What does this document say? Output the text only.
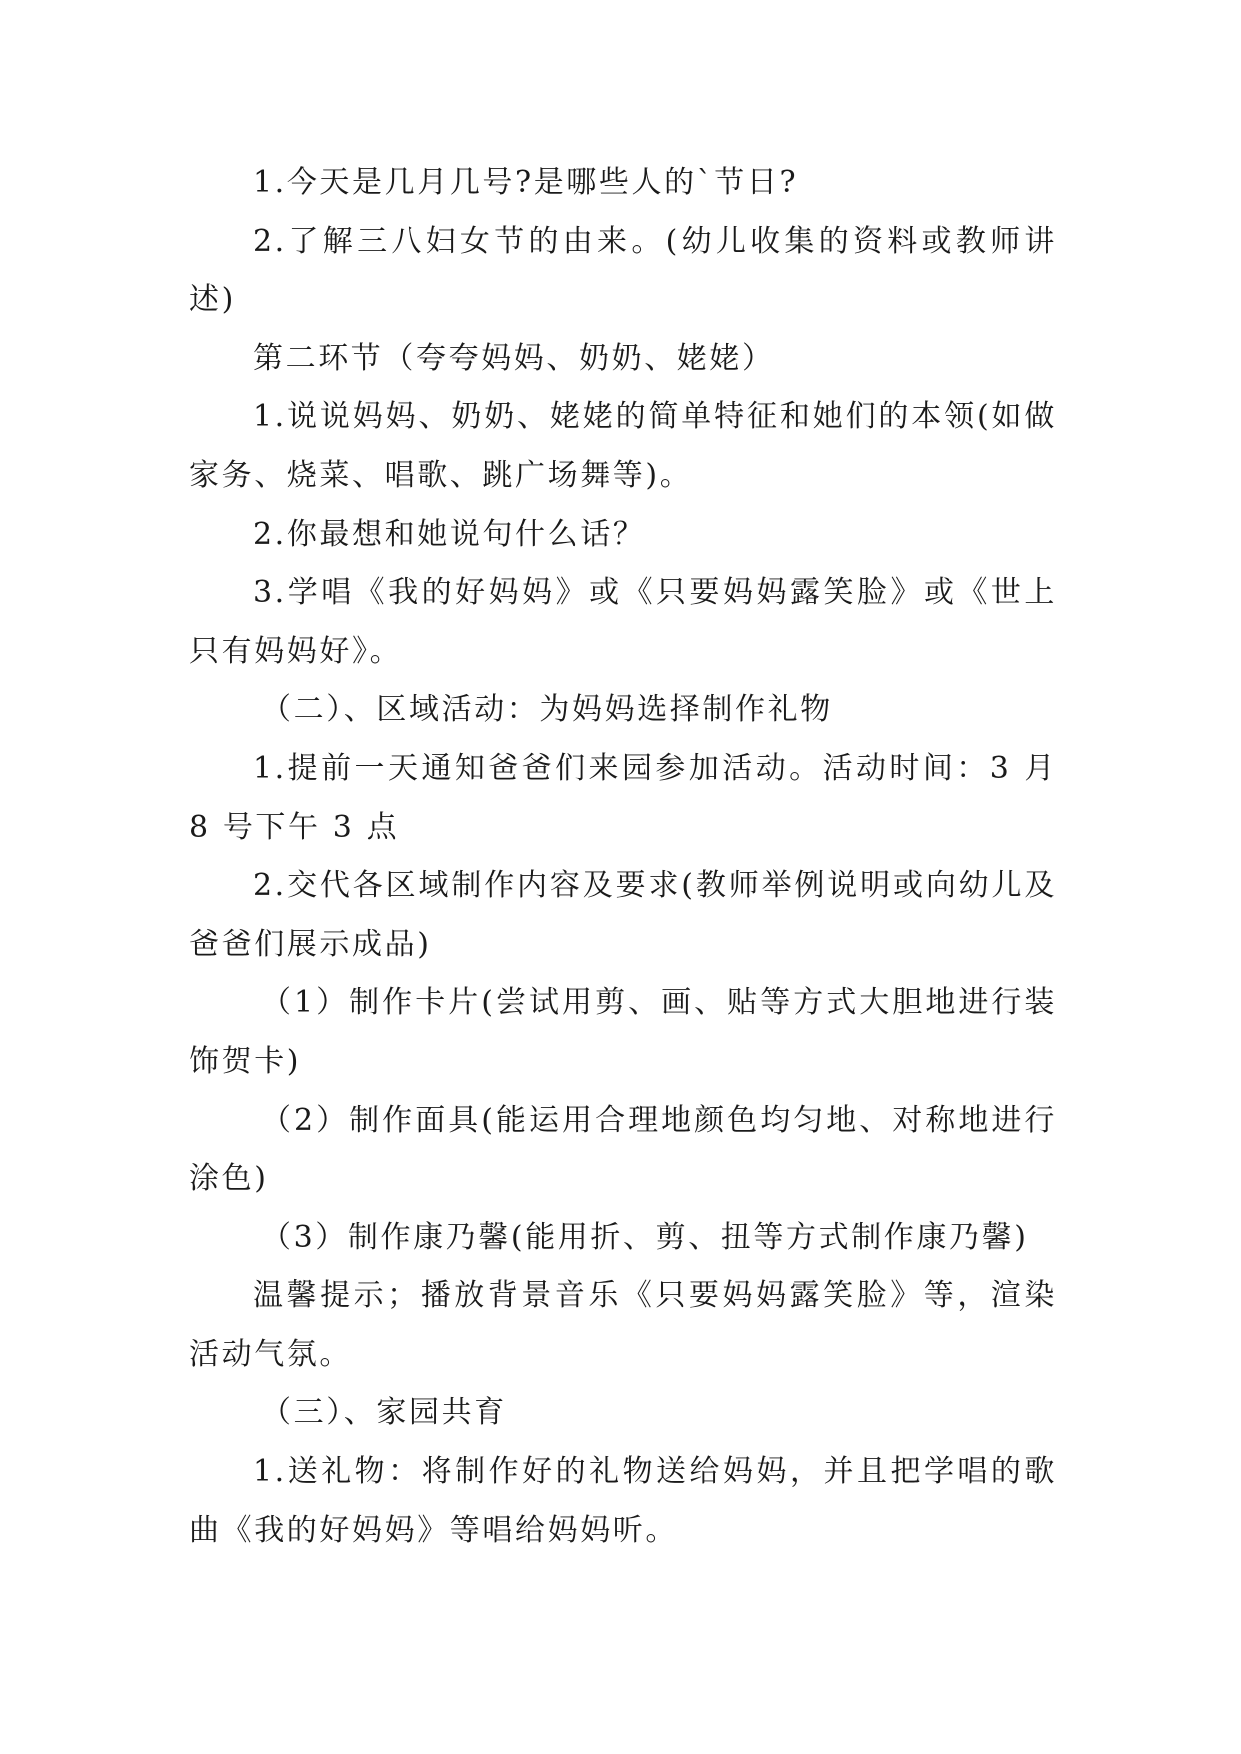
1.今天是几月几号?是哪些人的`节日?

2.了解三八妇女节的由来。(幼儿收集的资料或教师讲述)

第二环节（夸夸妈妈、奶奶、姥姥）

1.说说妈妈、奶奶、姥姥的简单特征和她们的本领(如做家务、烧菜、唱歌、跳广场舞等)。

2.你最想和她说句什么话？

3.学唱《我的好妈妈》或《只要妈妈露笑脸》或《世上只有妈妈好》。

（二）、区域活动：为妈妈选择制作礼物

1.提前一天通知爸爸们来园参加活动。活动时间：3 月 8 号下午 3 点

2.交代各区域制作内容及要求(教师举例说明或向幼儿及爸爸们展示成品)

（1）制作卡片(尝试用剪、画、贴等方式大胆地进行装饰贺卡)

（2）制作面具(能运用合理地颜色均匀地、对称地进行涂色)

（3）制作康乃馨(能用折、剪、扭等方式制作康乃馨)

温馨提示；播放背景音乐《只要妈妈露笑脸》等，渲染活动气氛。

（三）、家园共育

1.送礼物：将制作好的礼物送给妈妈，并且把学唱的歌曲《我的好妈妈》等唱给妈妈听。
